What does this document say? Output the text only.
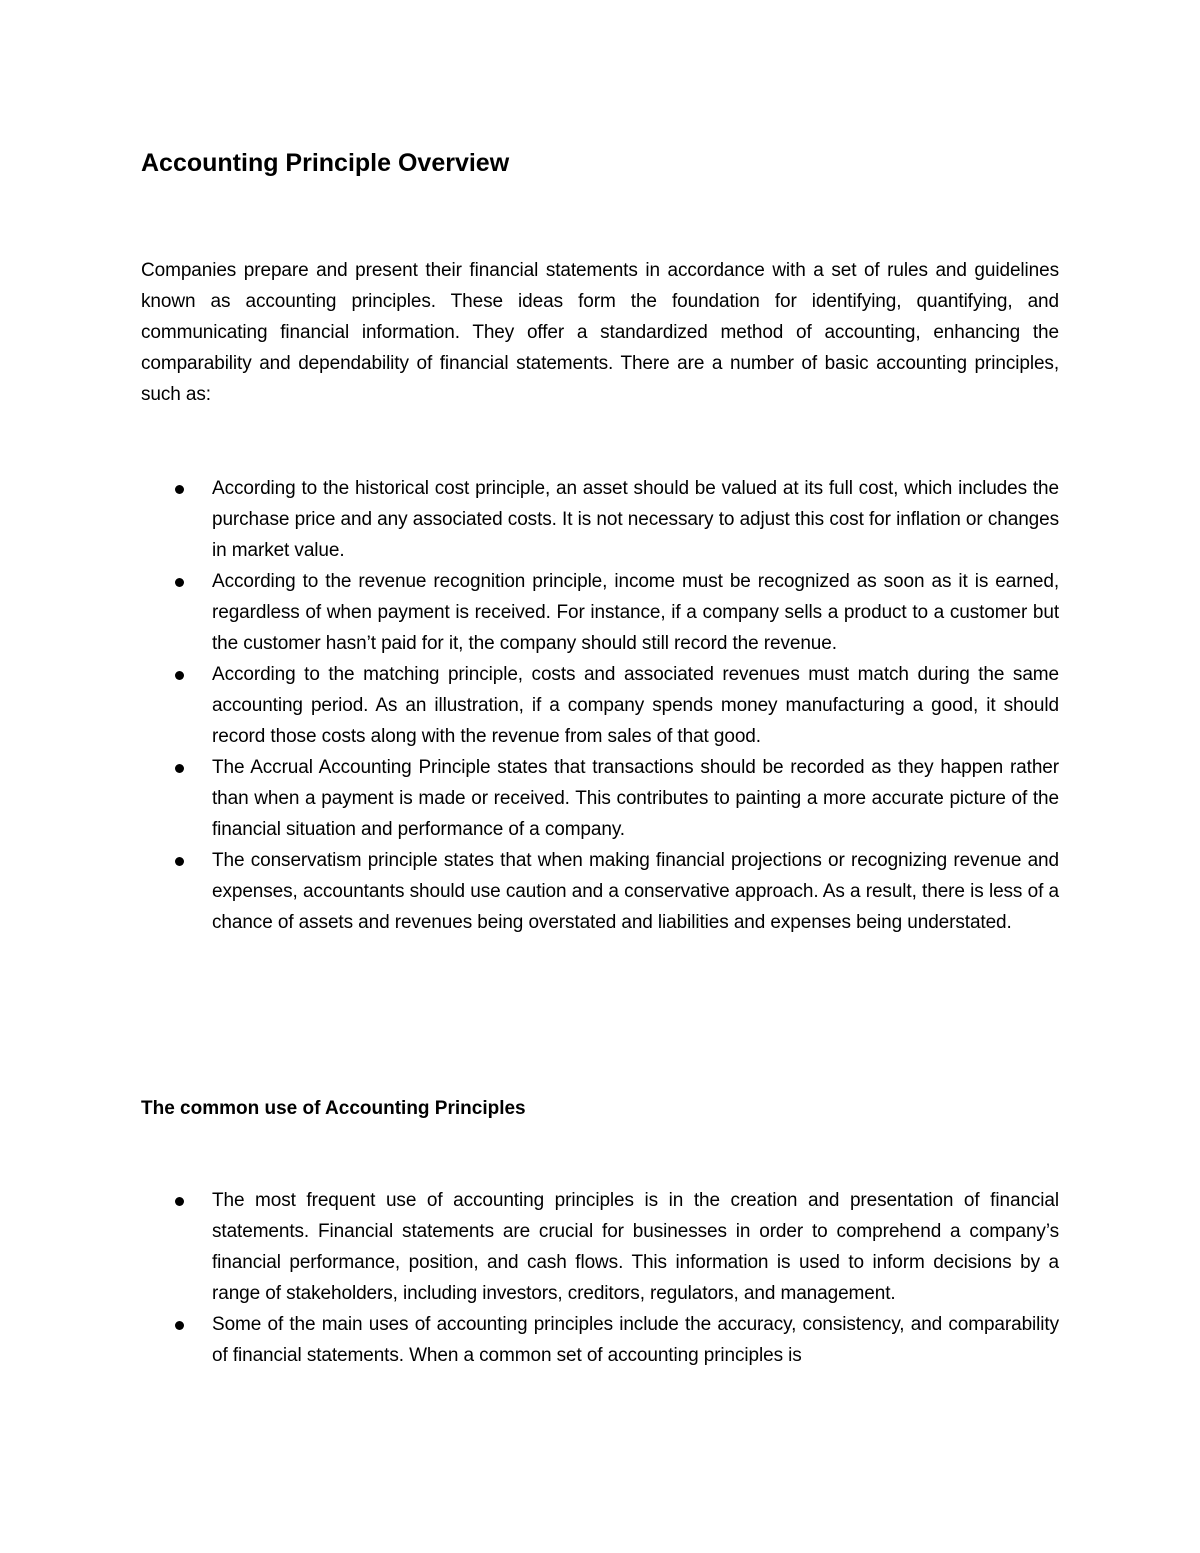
Accounting Principle Overview

Companies prepare and present their financial statements in accordance with a set of rules and guidelines known as accounting principles. These ideas form the foundation for identifying, quantifying, and communicating financial information. They offer a standardized method of accounting, enhancing the comparability and dependability of financial statements. There are a number of basic accounting principles, such as:

According to the historical cost principle, an asset should be valued at its full cost, which includes the purchase price and any associated costs. It is not necessary to adjust this cost for inflation or changes in market value.
According to the revenue recognition principle, income must be recognized as soon as it is earned, regardless of when payment is received. For instance, if a company sells a product to a customer but the customer hasn’t paid for it, the company should still record the revenue.
According to the matching principle, costs and associated revenues must match during the same accounting period. As an illustration, if a company spends money manufacturing a good, it should record those costs along with the revenue from sales of that good.
The Accrual Accounting Principle states that transactions should be recorded as they happen rather than when a payment is made or received. This contributes to painting a more accurate picture of the financial situation and performance of a company.
The conservatism principle states that when making financial projections or recognizing revenue and expenses, accountants should use caution and a conservative approach. As a result, there is less of a chance of assets and revenues being overstated and liabilities and expenses being understated.
The common use of Accounting Principles
The most frequent use of accounting principles is in the creation and presentation of financial statements. Financial statements are crucial for businesses in order to comprehend a company’s financial performance, position, and cash flows. This information is used to inform decisions by a range of stakeholders, including investors, creditors, regulators, and management.
Some of the main uses of accounting principles include the accuracy, consistency, and comparability of financial statements. When a common set of accounting principles is
